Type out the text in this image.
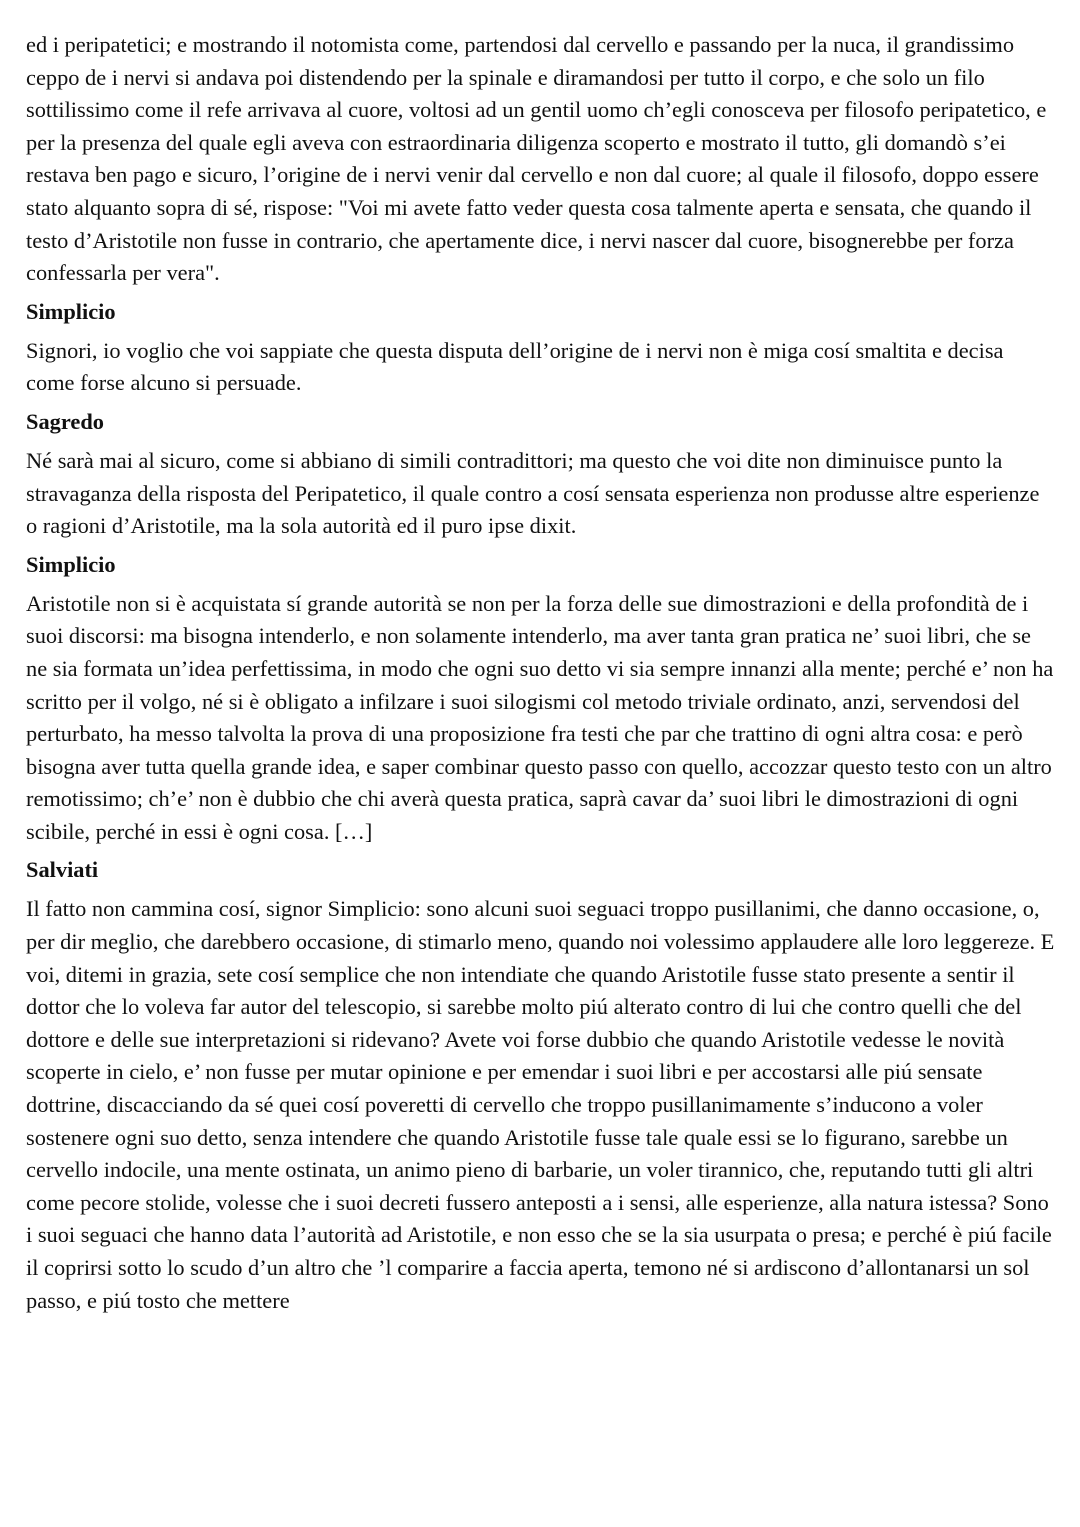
ed i peripatetici; e mostrando il notomista come, partendosi dal cervello e passando per la nuca, il grandissimo ceppo de i nervi si andava poi distendendo per la spinale e diramandosi per tutto il corpo, e che solo un filo sottilissimo come il refe arrivava al cuore, voltosi ad un gentil uomo ch’egli conosceva per filosofo peripatetico, e per la presenza del quale egli aveva con estraordinaria diligenza scoperto e mostrato il tutto, gli domandò s’ei restava ben pago e sicuro, l’origine de i nervi venir dal cervello e non dal cuore; al quale il filosofo, doppo essere stato alquanto sopra di sé, rispose: "Voi mi avete fatto veder questa cosa talmente aperta e sensata, che quando il testo d’Aristotile non fusse in contrario, che apertamente dice, i nervi nascer dal cuore, bisognerebbe per forza confessarla per vera".

Simplicio

Signori, io voglio che voi sappiate che questa disputa dell’origine de i nervi non è miga cosí smaltita e decisa come forse alcuno si persuade.

Sagredo

Né sarà mai al sicuro, come si abbiano di simili contradittori; ma questo che voi dite non diminuisce punto la stravaganza della risposta del Peripatetico, il quale contro a cosí sensata esperienza non produsse altre esperienze o ragioni d’Aristotile, ma la sola autorità ed il puro ipse dixit.

Simplicio

Aristotile non si è acquistata sí grande autorità se non per la forza delle sue dimostrazioni e della profondità de i suoi discorsi: ma bisogna intenderlo, e non solamente intenderlo, ma aver tanta gran pratica ne’ suoi libri, che se ne sia formata un’idea perfettissima, in modo che ogni suo detto vi sia sempre innanzi alla mente; perché e’ non ha scritto per il volgo, né si è obligato a infilzare i suoi silogismi col metodo triviale ordinato, anzi, servendosi del perturbato, ha messo talvolta la prova di una proposizione fra testi che par che trattino di ogni altra cosa: e però bisogna aver tutta quella grande idea, e saper combinar questo passo con quello, accozzar questo testo con un altro remotissimo; ch’e’ non è dubbio che chi averà questa pratica, saprà cavar da’ suoi libri le dimostrazioni di ogni scibile, perché in essi è ogni cosa. […]

Salviati

Il fatto non cammina cosí, signor Simplicio: sono alcuni suoi seguaci troppo pusillanimi, che danno occasione, o, per dir meglio, che darebbero occasione, di stimarlo meno, quando noi volessimo applaudere alle loro leggereze. E voi, ditemi in grazia, sete cosí semplice che non intendiate che quando Aristotile fusse stato presente a sentir il dottor che lo voleva far autor del telescopio, si sarebbe molto piú alterato contro di lui che contro quelli che del dottore e delle sue interpretazioni si ridevano? Avete voi forse dubbio che quando Aristotile vedesse le novità scoperte in cielo, e’ non fusse per mutar opinione e per emendar i suoi libri e per accostarsi alle piú sensate dottrine, discacciando da sé quei cosí poveretti di cervello che troppo pusillanimamente s’inducono a voler sostenere ogni suo detto, senza intendere che quando Aristotile fusse tale quale essi se lo figurano, sarebbe un cervello indocile, una mente ostinata, un animo pieno di barbarie, un voler tirannico, che, reputando tutti gli altri come pecore stolide, volesse che i suoi decreti fussero anteposti a i sensi, alle esperienze, alla natura istessa? Sono i suoi seguaci che hanno data l’autorità ad Aristotile, e non esso che se la sia usurpata o presa; e perché è piú facile il coprirsi sotto lo scudo d’un altro che ’l comparire a faccia aperta, temono né si ardiscono d’allontanarsi un sol passo, e piú tosto che mettere
